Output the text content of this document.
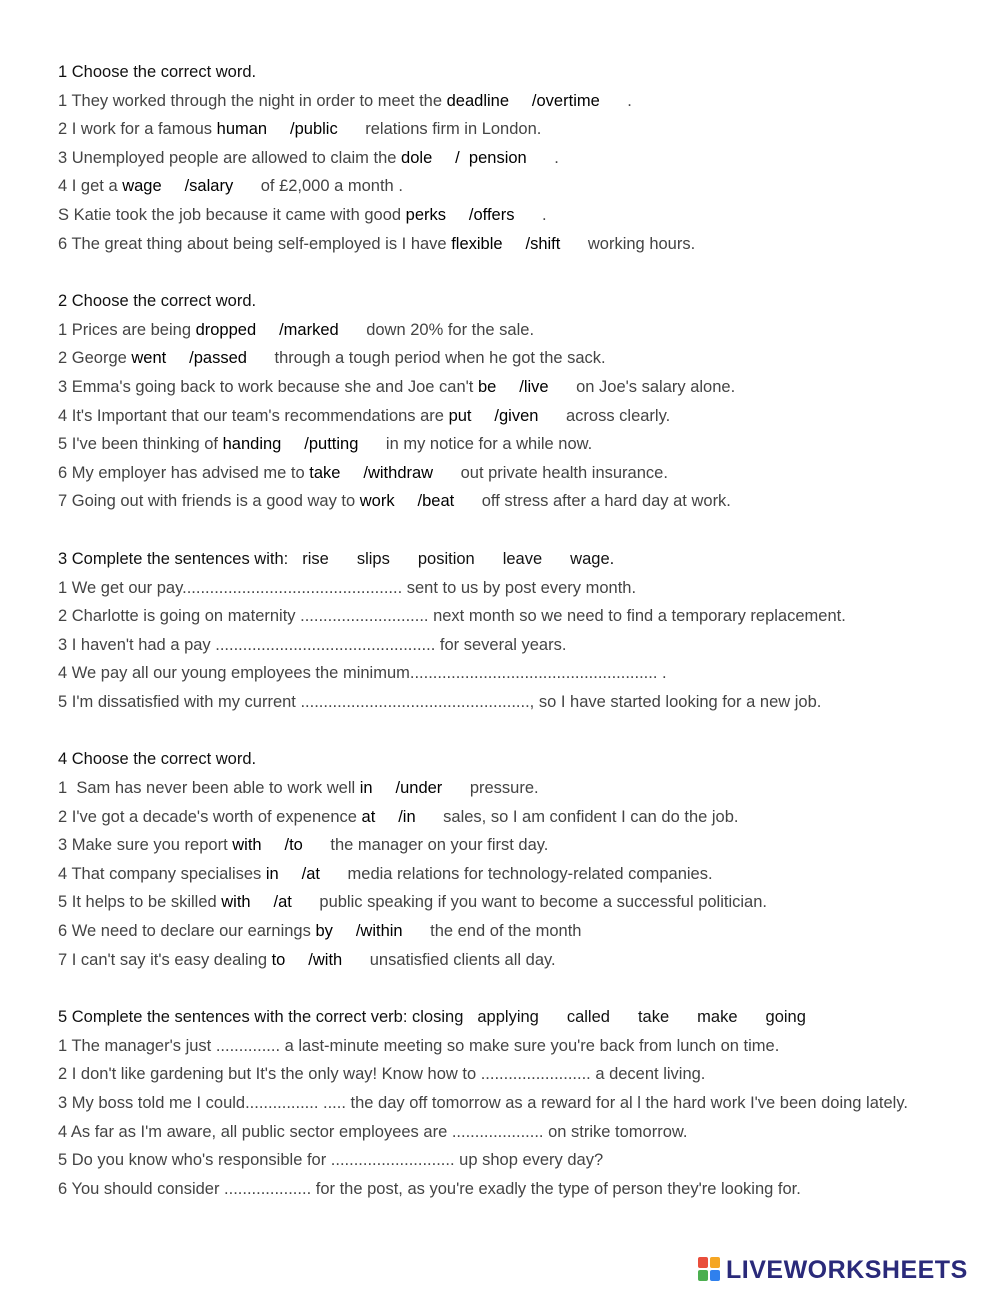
1 Choose the correct word.
1 They worked through the night in order to meet the deadline /overtime .
2 I work for a famous human /public relations firm in London.
3 Unemployed people are allowed to claim the dole /  pension .
4 I get a wage /salary of £2,000 a month .
S Katie took the job because it came with good perks /offers .
6 The great thing about being self-employed is I have flexible /shift working hours.
2 Choose the correct word.
1 Prices are being dropped /marked down 20% for the sale.
2 George went /passed through a tough period when he got the sack.
3 Emma's going back to work because she and Joe can't be /live on Joe's salary alone.
4 It's Important that our team's recommendations are put /given across clearly.
5 I've been thinking of handing /putting in my notice for a while now.
6 My employer has advised me to take /withdraw out private health insurance.
7 Going out with friends is a good way to work /beat off stress after a hard day at work.
3 Complete the sentences with: rise slips position leave wage.
1 We get our pay................................................ sent to us by post every month.
2 Charlotte is going on maternity ............................ next month so we need to find a temporary replacement.
3 I haven't had a pay ................................................ for several years.
4 We pay all our young employees the minimum...................................................... .
5 I'm dissatisfied with my current .................................................., so I have started looking for a new job.
4 Choose the correct word.
1  Sam has never been able to work well in /under pressure.
2 I've got a decade's worth of expenence at /in sales, so I am confident I can do the job.
3 Make sure you report with /to the manager on your first day.
4 That company specialises in /at media relations for technology-related companies.
5 It helps to be skilled with /at public speaking if you want to become a successful politician.
6 We need to declare our earnings by /within the end of the month
7 I can't say it's easy dealing to /with unsatisfied clients all day.
5 Complete the sentences with the correct verb: closing applying called take make going
1 The manager's just .............. a last-minute meeting so make sure you're back from lunch on time.
2 I don't like gardening but It's the only way! Know how to ........................ a decent living.
3 My boss told me I could................ ..... the day off tomorrow as a reward for al l the hard work I've been doing lately.
4 As far as I'm aware, all public sector employees are .................... on strike tomorrow.
5 Do you know who's responsible for ........................... up shop every day?
6 You should consider ................... for the post, as you're exadly the type of person they're looking for.
LIVEWORKSHEETS
